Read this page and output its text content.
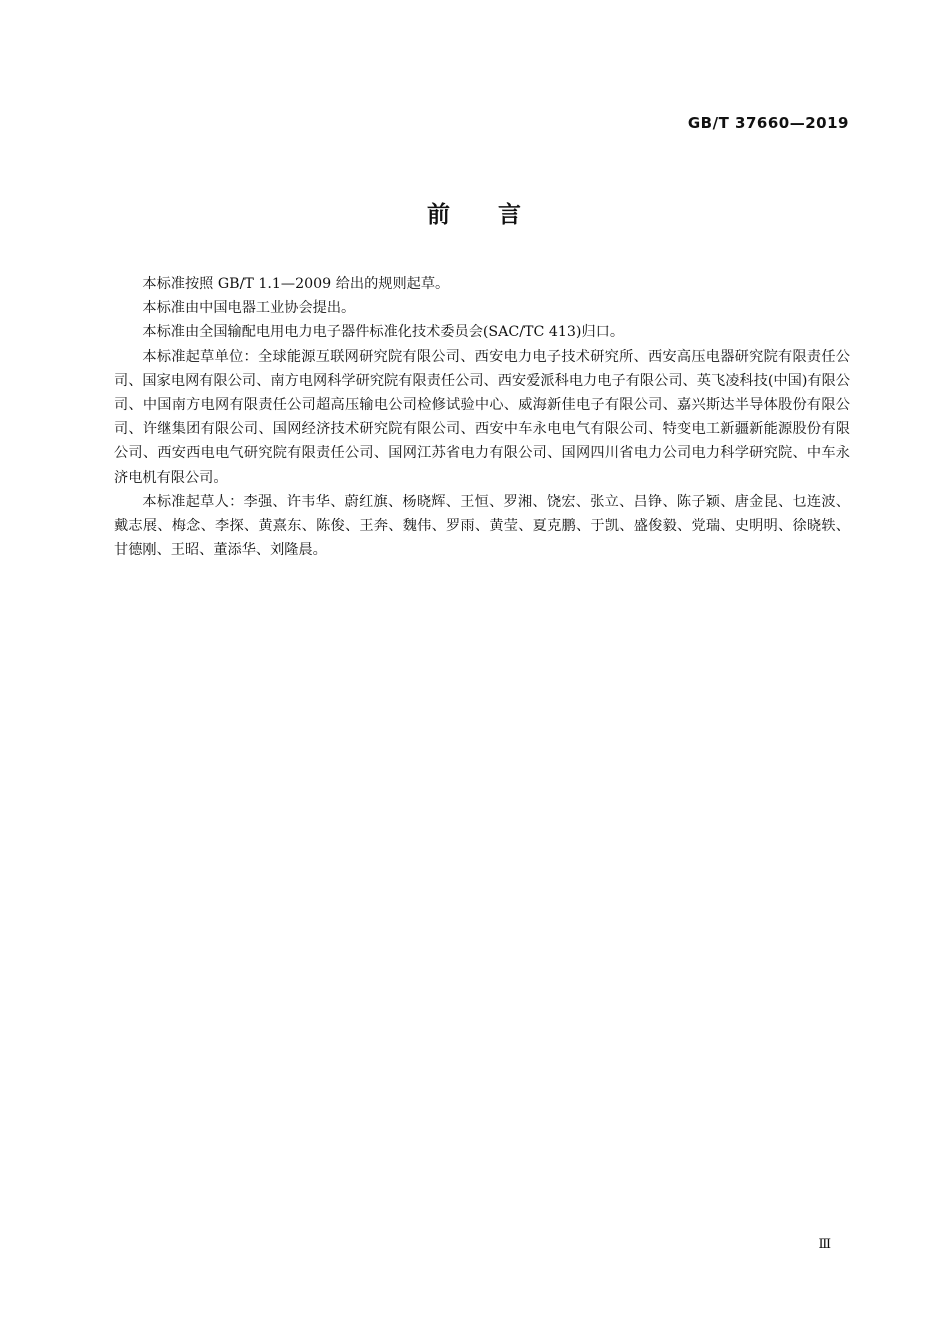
GB/T 37660—2019
前 言

本标准按照 GB/T 1.1—2009 给出的规则起草。

本标准由中国电器工业协会提出。

本标准由全国输配电用电力电子器件标准化技术委员会(SAC/TC 413)归口。

本标准起草单位：全球能源互联网研究院有限公司、西安电力电子技术研究所、西安高压电器研究院有限责任公司、国家电网有限公司、南方电网科学研究院有限责任公司、西安爱派科电力电子有限公司、英飞凌科技(中国)有限公司、中国南方电网有限责任公司超高压输电公司检修试验中心、威海新佳电子有限公司、嘉兴斯达半导体股份有限公司、许继集团有限公司、国网经济技术研究院有限公司、西安中车永电电气有限公司、特变电工新疆新能源股份有限公司、西安西电电气研究院有限责任公司、国网江苏省电力有限公司、国网四川省电力公司电力科学研究院、中车永济电机有限公司。

本标准起草人：李强、许韦华、蔚红旗、杨晓辉、王恒、罗湘、饶宏、张立、吕铮、陈子颖、唐金昆、乜连波、戴志展、梅念、李探、黄熹东、陈俊、王奔、魏伟、罗雨、黄莹、夏克鹏、于凯、盛俊毅、党瑞、史明明、徐晓轶、甘德刚、王昭、董添华、刘隆晨。

Ⅲ
